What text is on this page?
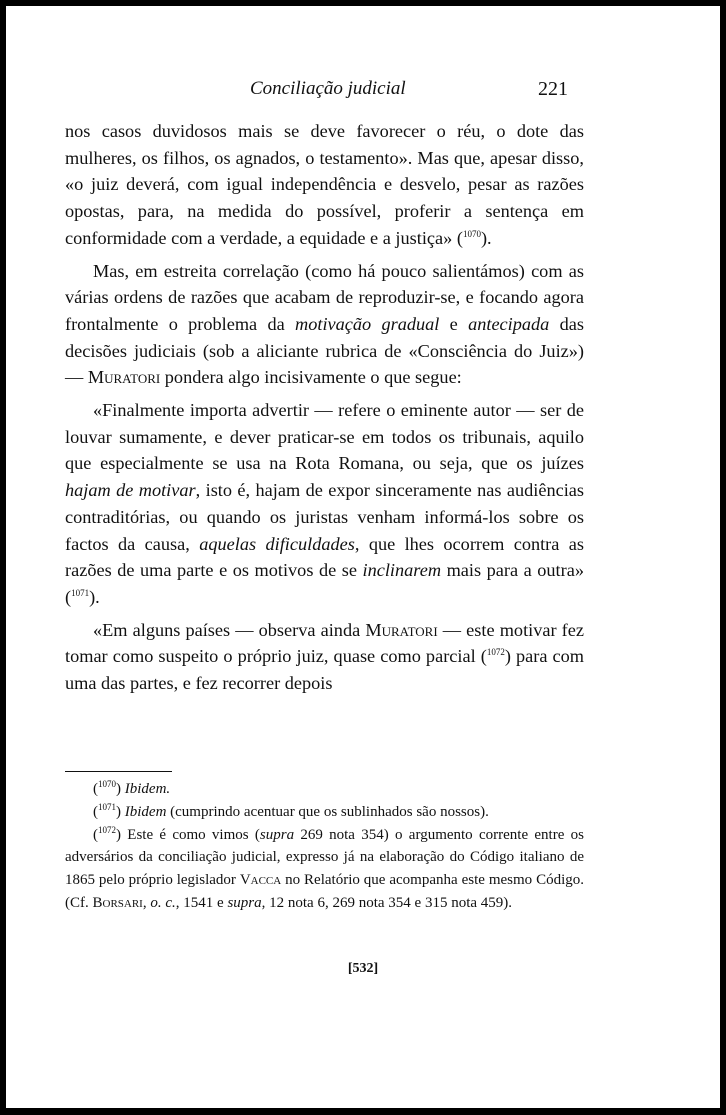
Conciliação judicial	221

nos casos duvidosos mais se deve favorecer o réu, o dote das mulheres, os filhos, os agnados, o testamento». Mas que, apesar disso, «o juiz deverá, com igual independência e desvelo, pesar as razões opostas, para, na medida do possível, proferir a sentença em conformidade com a verdade, a equidade e a justiça» ($^{1070}$).

Mas, em estreita correlação (como há pouco salientámos) com as várias ordens de razões que acabam de reproduzir-se, e focando agora frontalmente o problema da motivação gradual e antecipada das decisões judiciais (sob a aliciante rubrica de «Consciência do Juiz») — Muratori pondera algo incisivamente o que segue:

«Finalmente importa advertir — refere o eminente autor — ser de louvar sumamente, e dever praticar-se em todos os tribunais, aquilo que especialmente se usa na Rota Romana, ou seja, que os juízes hajam de motivar, isto é, hajam de expor sinceramente nas audiências contraditórias, ou quando os juristas venham informá-los sobre os factos da causa, aquelas dificuldades, que lhes ocorrem contra as razões de uma parte e os motivos de se inclinarem mais para a outra» ($^{1071}$).

«Em alguns países — observa ainda Muratori — este motivar fez tomar como suspeito o próprio juiz, quase como parcial ($^{1072}$) para com uma das partes, e fez recorrer depois

($^{1070}$) Ibidem.

($^{1071}$) Ibidem (cumprindo acentuar que os sublinhados são nossos).

($^{1072}$) Este é como vimos (supra 269 nota 354) o argumento corrente entre os adversários da conciliação judicial, expresso já na elaboração do Código italiano de 1865 pelo próprio legislador Vacca no Relatório que acompanha este mesmo Código. (Cf. Borsari, o. c., 1541 e supra, 12 nota 6, 269 nota 354 e 315 nota 459).

[532]
